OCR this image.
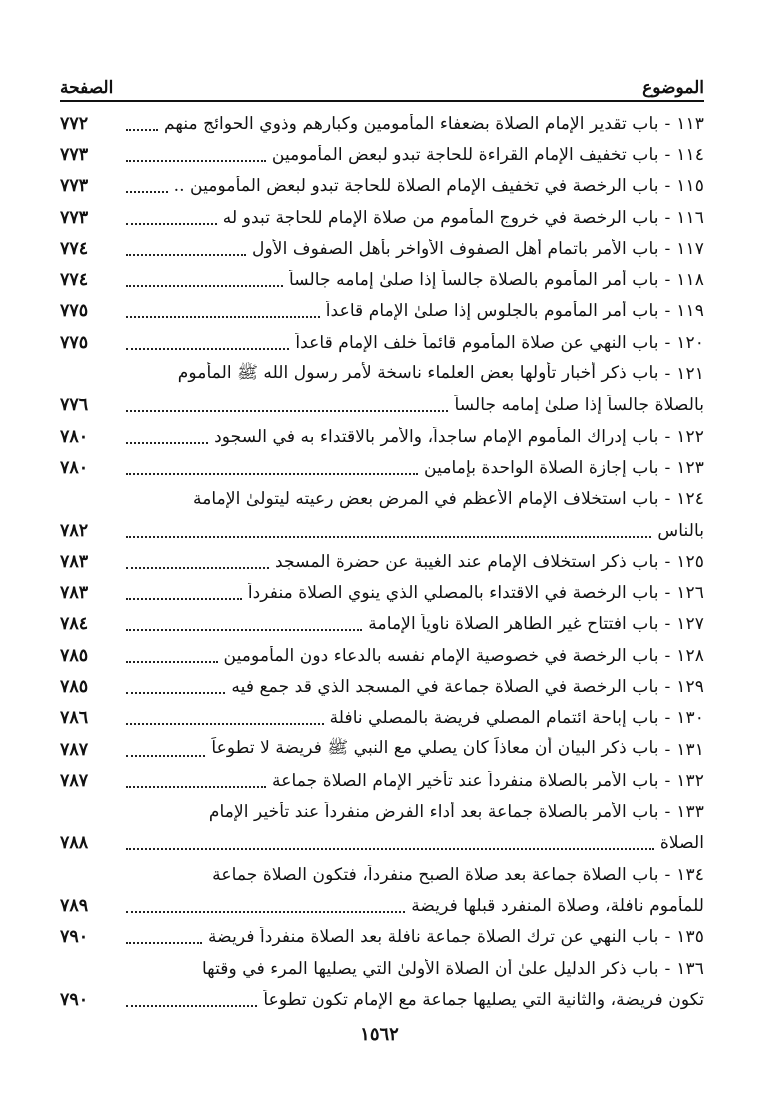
الصفحة	الموضوع
١١٣
-
باب تقدير الإمام الصلاة بضعفاء المأمومين وكبارهم وذوي الحوائج منهم
٧٧٢
١١٤
-
باب تخفيف الإمام القراءة للحاجة تبدو لبعض المأمومين
٧٧٣
١١٥
-
باب الرخصة في تخفيف الإمام الصلاة للحاجة تبدو لبعض المأمومين ..
٧٧٣
١١٦
-
باب الرخصة في خروج المأموم من صلاة الإمام للحاجة تبدو له
٧٧٣
١١٧
-
باب الأمر باتمام أهل الصفوف الأواخر بأهل الصفوف الأول
٧٧٤
١١٨
-
باب أمر المأموم بالصلاة جالساً إذا صلىٰ إمامه جالساً
٧٧٤
١١٩
-
باب أمر المأموم بالجلوس إذا صلىٰ الإمام قاعداً
٧٧٥
١٢٠
-
باب النهي عن صلاة المأموم قائماً خلف الإمام قاعداً
٧٧٥
١٢١
-
باب ذكر أخبار تأولها بعض العلماء ناسخة لأمر رسول الله ﷺ المأموم
بالصلاة جالساً إذا صلىٰ إمامه جالساً
٧٧٦
١٢٢
-
باب إدراك المأموم الإمام ساجداً، والأمر بالاقتداء به في السجود
٧٨٠
١٢٣
-
باب إجازة الصلاة الواحدة بإمامين
٧٨٠
١٢٤
-
باب استخلاف الإمام الأعظم في المرض بعض رعيته ليتولىٰ الإمامة
بالناس
٧٨٢
١٢٥
-
باب ذكر استخلاف الإمام عند الغيبة عن حضرة المسجد
٧٨٣
١٢٦
-
باب الرخصة في الاقتداء بالمصلي الذي ينوي الصلاة منفرداً
٧٨٣
١٢٧
-
باب افتتاح غير الطاهر الصلاة ناوياً الإمامة
٧٨٤
١٢٨
-
باب الرخصة في خصوصية الإمام نفسه بالدعاء دون المأمومين
٧٨٥
١٢٩
-
باب الرخصة في الصلاة جماعة في المسجد الذي قد جمع فيه
٧٨٥
١٣٠
-
باب إباحة ائتمام المصلي فريضة بالمصلي نافلة
٧٨٦
١٣١
-
باب ذكر البيان أن معاذاً كان يصلي مع النبي ﷺ فريضة لا تطوعاً
٧٨٧
١٣٢
-
باب الأمر بالصلاة منفرداً عند تأخير الإمام الصلاة جماعة
٧٨٧
١٣٣
-
باب الأمر بالصلاة جماعة بعد أداء الفرض منفرداً عند تأخير الإمام
الصلاة
٧٨٨
١٣٤
-
باب الصلاة جماعة بعد صلاة الصبح منفرداً، فتكون الصلاة جماعة
للمأموم نافلة، وصلاة المنفرد قبلها فريضة
٧٨٩
١٣٥
-
باب النهي عن ترك الصلاة جماعة نافلة بعد الصلاة منفرداً فريضة
٧٩٠
١٣٦
-
باب ذكر الدليل علىٰ أن الصلاة الأولىٰ التي يصليها المرء في وقتها
تكون فريضة، والثانية التي يصليها جماعة مع الإمام تكون تطوعاً
٧٩٠
١٥٦٢
